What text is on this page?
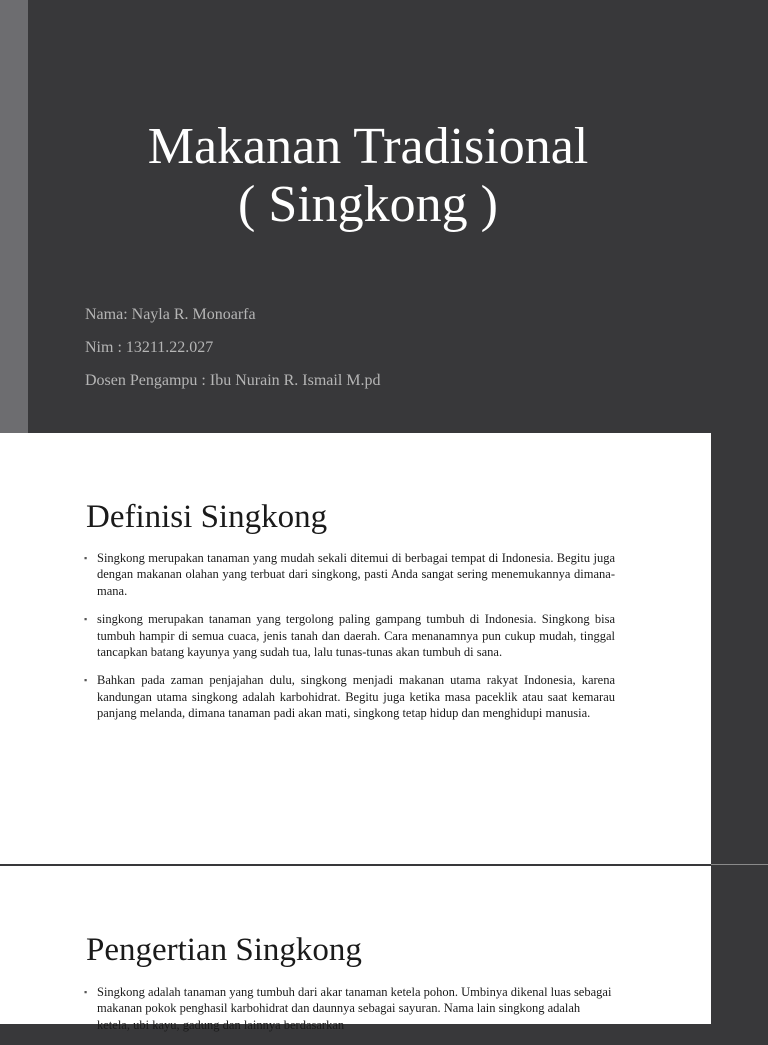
Makanan Tradisional
( Singkong )
Nama: Nayla R. Monoarfa
Nim : 13211.22.027
Dosen Pengampu : Ibu Nurain R. Ismail M.pd
Definisi Singkong
▪ Singkong merupakan tanaman yang mudah sekali ditemui di berbagai tempat di Indonesia. Begitu juga dengan makanan olahan yang terbuat dari singkong, pasti Anda sangat sering menemukannya dimana-mana.
▪ singkong merupakan tanaman yang tergolong paling gampang tumbuh di Indonesia. Singkong bisa tumbuh hampir di semua cuaca, jenis tanah dan daerah. Cara menanamnya pun cukup mudah, tinggal tancapkan batang kayunya yang sudah tua, lalu tunas-tunas akan tumbuh di sana.
▪ Bahkan pada zaman penjajahan dulu, singkong menjadi makanan utama rakyat Indonesia, karena kandungan utama singkong adalah karbohidrat. Begitu juga ketika masa paceklik atau saat kemarau panjang melanda, dimana tanaman padi akan mati, singkong tetap hidup dan menghidupi manusia.
Pengertian Singkong
▪ Singkong adalah tanaman yang tumbuh dari akar tanaman ketela pohon. Umbinya dikenal luas sebagai makanan pokok penghasil karbohidrat dan daunnya sebagai sayuran. Nama lain singkong adalah ketela, ubi kayu, gadung dan lainnya berdasarkan
